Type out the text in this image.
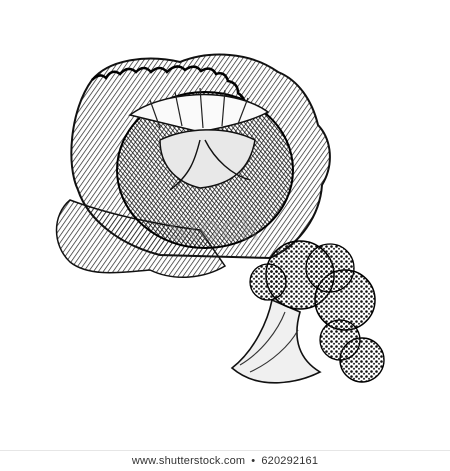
stock
www.shutterstock.com • 620292161
